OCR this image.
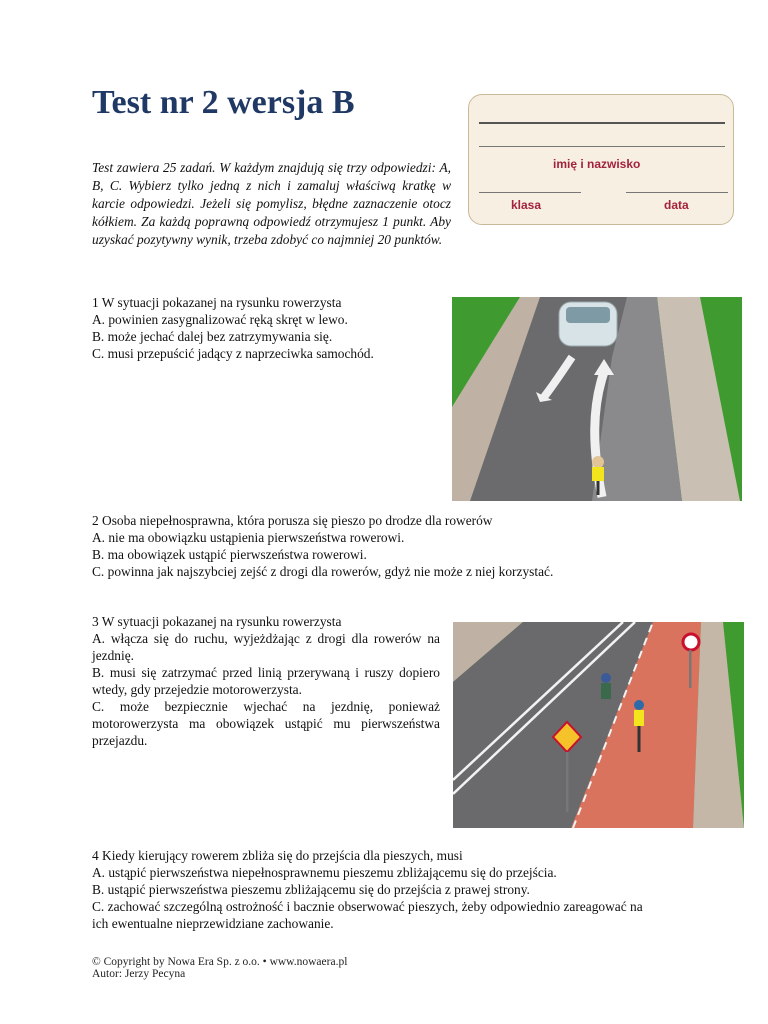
Test nr 2 wersja B

Test zawiera 25 zadań. W każdym znajdują się trzy odpowiedzi: A, B, C. Wybierz tylko jedną z nich i zamaluj właściwą kratkę w karcie odpowiedzi. Jeżeli się pomylisz, błędne zaznaczenie otocz kółkiem. Za każdą poprawną odpowiedź otrzymujesz 1 punkt. Aby uzyskać pozytywny wynik, trzeba zdobyć co najmniej 20 punktów.

imię i nazwisko
klasa	data

1 W sytuacji pokazanej na rysunku rowerzysta

A. powinien zasygnalizować ręką skręt w lewo.

B. może jechać dalej bez zatrzymywania się.

C. musi przepuścić jadący z naprzeciwka samochód.

2 Osoba niepełnosprawna, która porusza się pieszo po drodze dla rowerów

A. nie ma obowiązku ustąpienia pierwszeństwa rowerowi.

B. ma obowiązek ustąpić pierwszeństwa rowerowi.

C. powinna jak najszybciej zejść z drogi dla rowerów, gdyż nie może z niej korzystać.

3 W sytuacji pokazanej na rysunku rowerzysta

A. włącza się do ruchu, wyjeżdżając z drogi dla rowerów na jezdnię.

B. musi się zatrzymać przed linią przerywaną i ruszy dopiero wtedy, gdy przejedzie motorowerzysta.

C. może bezpiecznie wjechać na jezdnię, ponieważ motorowerzysta ma obowiązek ustąpić mu pierwszeństwa przejazdu.

4 Kiedy kierujący rowerem zbliża się do przejścia dla pieszych, musi

A. ustąpić pierwszeństwa niepełnosprawnemu pieszemu zbliżającemu się do przejścia.

B. ustąpić pierwszeństwa pieszemu zbliżającemu się do przejścia z prawej strony.

C. zachować szczególną ostrożność i bacznie obserwować pieszych, żeby odpowiednio zareagować na ich ewentualne nieprzewidziane zachowanie.

© Copyright by Nowa Era Sp. z o.o. • www.nowaera.pl

Autor: Jerzy Pecyna
